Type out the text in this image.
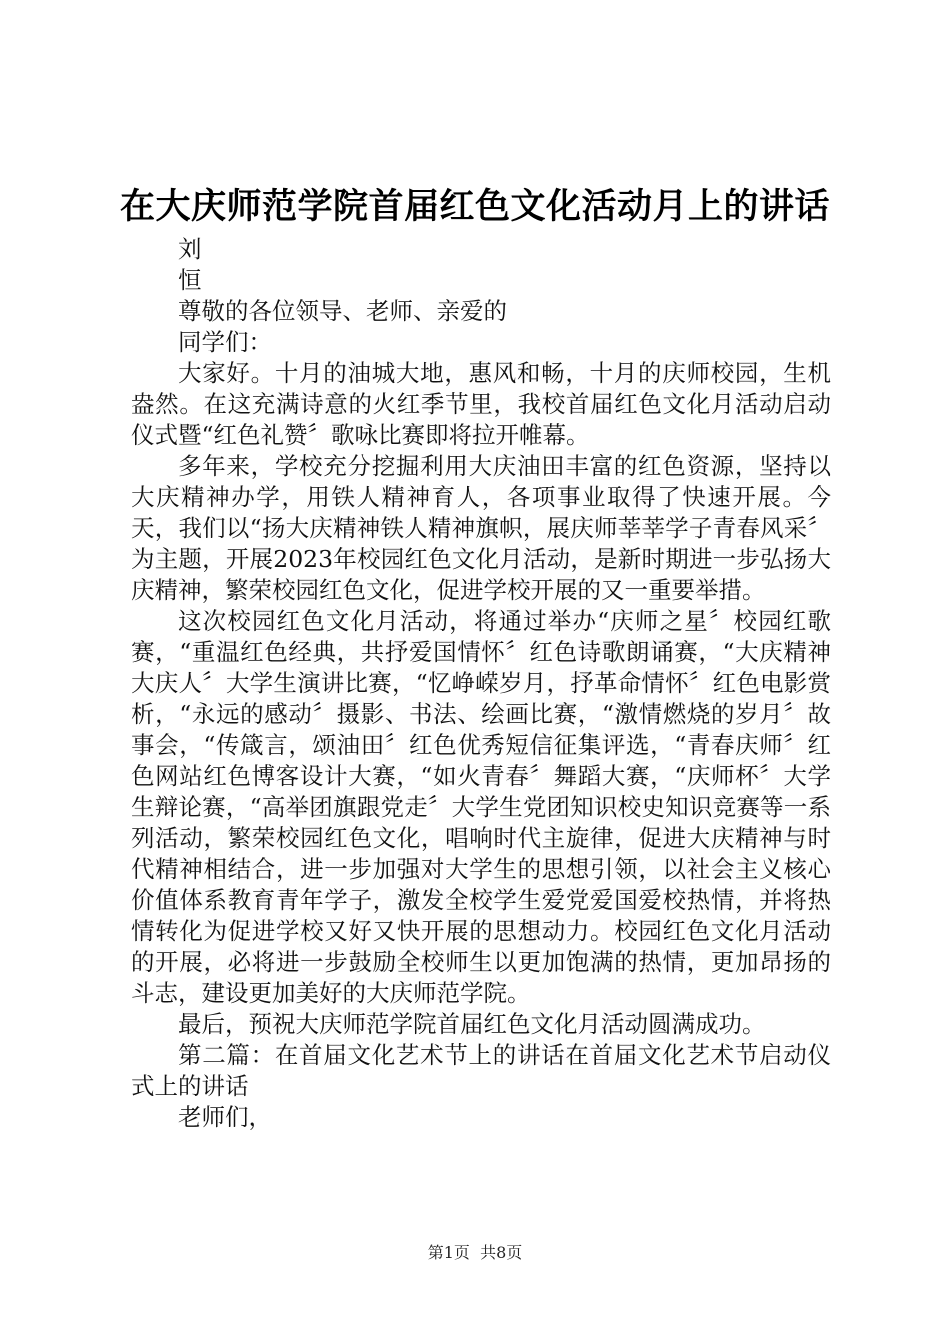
在大庆师范学院首届红色文化活动月上的讲话

刘

恒

尊敬的各位领导、老师、亲爱的

同学们：

大家好。十月的油城大地，惠风和畅，十月的庆师校园，生机盎然。在这充满诗意的火红季节里，我校首届红色文化月活动启动仪式暨“红色礼赞〞歌咏比赛即将拉开帷幕。

多年来，学校充分挖掘利用大庆油田丰富的红色资源，坚持以大庆精神办学，用铁人精神育人，各项事业取得了快速开展。今天，我们以“扬大庆精神铁人精神旗帜，展庆师莘莘学子青春风采〞为主题，开展2023年校园红色文化月活动，是新时期进一步弘扬大庆精神，繁荣校园红色文化，促进学校开展的又一重要举措。

这次校园红色文化月活动，将通过举办“庆师之星〞校园红歌赛，“重温红色经典，共抒爱国情怀〞红色诗歌朗诵赛，“大庆精神大庆人〞大学生演讲比赛，“忆峥嵘岁月，抒革命情怀〞红色电影赏析，“永远的感动〞摄影、书法、绘画比赛，“激情燃烧的岁月〞故事会，“传箴言，颂油田〞红色优秀短信征集评选，“青春庆师〞红色网站红色博客设计大赛，“如火青春〞舞蹈大赛，“庆师杯〞大学生辩论赛，“高举团旗跟党走〞大学生党团知识校史知识竞赛等一系列活动，繁荣校园红色文化，唱响时代主旋律，促进大庆精神与时代精神相结合，进一步加强对大学生的思想引领，以社会主义核心价值体系教育青年学子，激发全校学生爱党爱国爱校热情，并将热情转化为促进学校又好又快开展的思想动力。校园红色文化月活动的开展，必将进一步鼓励全校师生以更加饱满的热情，更加昂扬的斗志，建设更加美好的大庆师范学院。

最后，预祝大庆师范学院首届红色文化月活动圆满成功。

第二篇：在首届文化艺术节上的讲话在首届文化艺术节启动仪式上的讲话

老师们，

第1页 共8页
